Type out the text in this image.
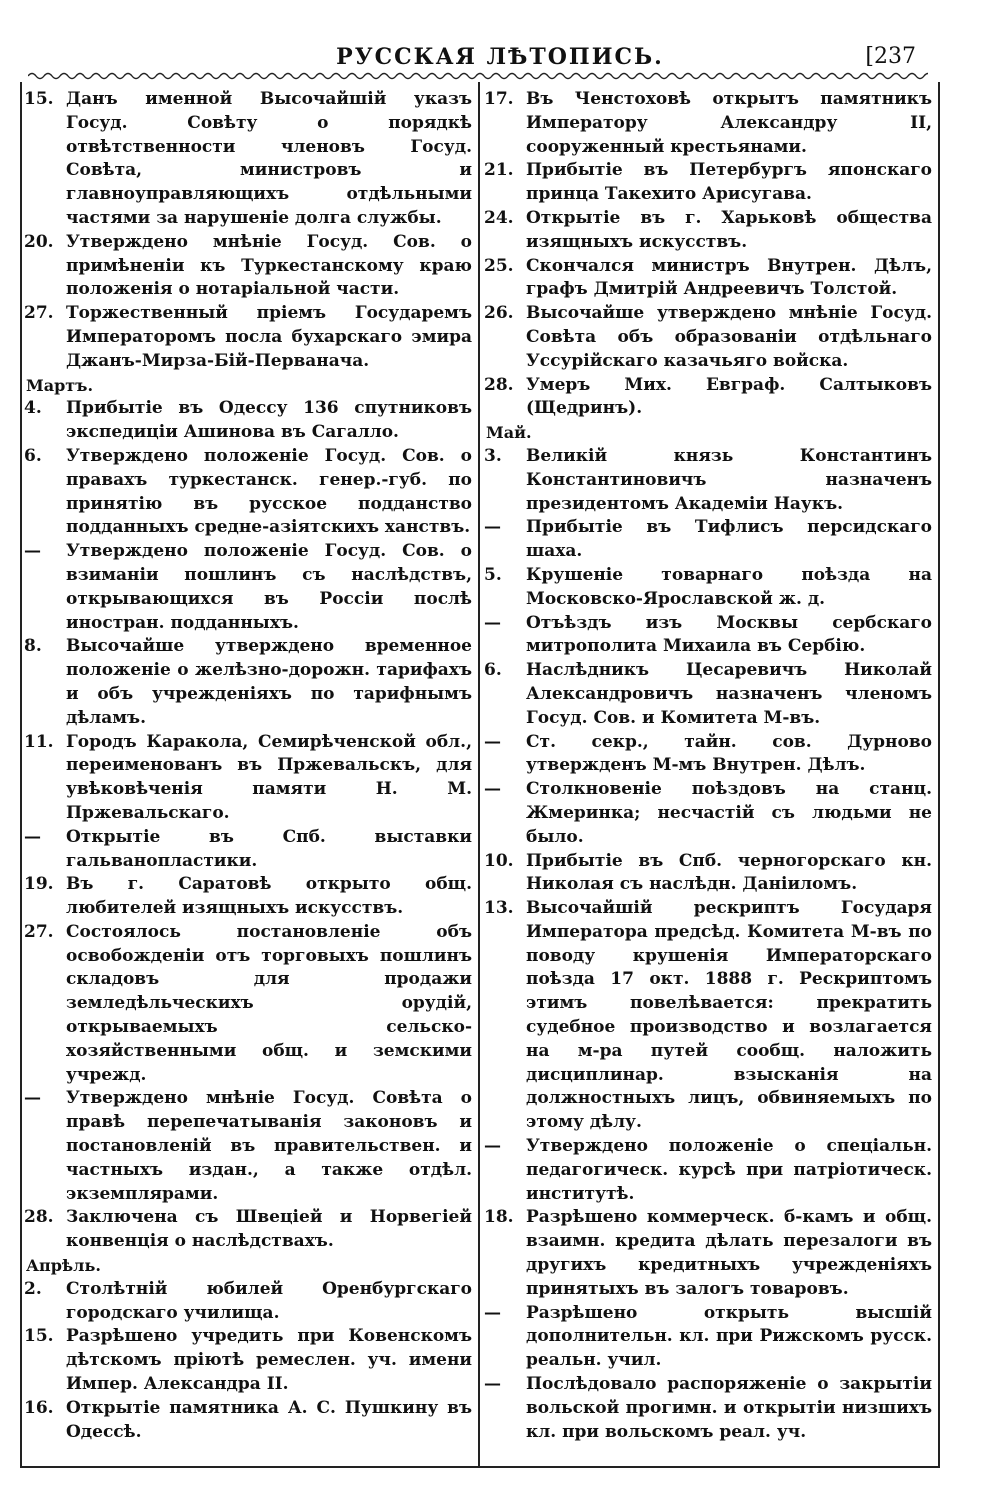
РУССКАЯ ЛѢТОПИСЬ.	[237
15. Данъ именной Высочайшій указъ Госуд. Совѣту о порядкѣ отвѣтственности членовъ Госуд. Совѣта, министровъ и главноуправляющихъ отдѣльными частями за нарушеніе долга службы.
20. Утверждено мнѣніе Госуд. Сов. о примѣненіи къ Туркестанскому краю положенія о нотаріальной части.
27. Торжественный пріемъ Государемъ Императоромъ посла бухарскаго эмира Джанъ-Мирза-Бій-Перванача.
Мартъ.
4.	Прибытіе въ Одессу 136 спутниковъ экспедиціи Ашинова въ Сагалло.
6.	Утверждено положеніе Госуд. Сов. о правахъ туркестанск. генер.-губ. по принятію въ русское подданство подданныхъ средне-азіятскихъ ханствъ.
—	Утверждено положеніе Госуд. Сов. о взиманіи пошлинъ съ наслѣдствъ, открывающихся въ Россіи послѣ иностран. подданныхъ.
8.	Высочайше утверждено временное положеніе о желѣзно-дорожн. тарифахъ и объ учрежденіяхъ по тарифнымъ дѣламъ.
11. Городъ Каракола, Семирѣченской обл., переименованъ въ Пржевальскъ, для увѣковѣченія памяти Н. М. Пржевальскаго.
—	Открытіе въ Спб. выставки гальванопластики.
19. Въ г. Саратовѣ открыто общ. любителей изящныхъ искусствъ.
27. Состоялось постановленіе объ освобожденіи отъ торговыхъ пошлинъ складовъ для продажи земледѣльческихъ орудій, открываемыхъ сельско-хозяйственными общ. и земскими учрежд.
—	Утверждено мнѣніе Госуд. Совѣта о правѣ перепечатыванія законовъ и постановленій въ правительствен. и частныхъ издан., а также отдѣл. экземплярами.
28. Заключена съ Швеціей и Норвегіей конвенція о наслѣдствахъ.
Апрѣль.
2.	Столѣтній юбилей Оренбургскаго городскаго училища.
15. Разрѣшено учредить при Ковенскомъ дѣтскомъ пріютѣ ремеслен. уч. имени Импер. Александра II.
16. Открытіе памятника А. С. Пушкину въ Одессѣ.
17. Въ Ченстоховѣ открытъ памятникъ Императору Александру II, сооруженный крестьянами.
21. Прибытіе въ Петербургъ японскаго принца Такехито Арисугава.
24. Открытіе въ г. Харьковѣ общества изящныхъ искусствъ.
25. Скончался министръ Внутрен. Дѣлъ, графъ Дмитрій Андреевичъ Толстой.
26. Высочайше утверждено мнѣніе Госуд. Совѣта объ образованіи отдѣльнаго Уссурійскаго казачьяго войска.
28. Умеръ Мих. Евграф. Салтыковъ (Щедринъ).
Май.
3.	Великій князь Константинъ Константиновичъ назначенъ президентомъ Академіи Наукъ.
—	Прибытіе въ Тифлисъ персидскаго шаха.
5.	Крушеніе товарнаго поѣзда на Московско-Ярославской ж. д.
—	Отъѣздъ изъ Москвы сербскаго митрополита Михаила въ Сербію.
6.	Наслѣдникъ Цесаревичъ Николай Александровичъ назначенъ членомъ Госуд. Сов. и Комитета М-въ.
—	Ст. секр., тайн. сов. Дурново утвержденъ М-мъ Внутрен. Дѣлъ.
—	Столкновеніе поѣздовъ на станц. Жмеринка; несчастій съ людьми не было.
10. Прибытіе въ Спб. черногорскаго кн. Николая съ наслѣдн. Даніиломъ.
13. Высочайшій рескриптъ Государя Императора предсѣд. Комитета М-въ по поводу крушенія Императорскаго поѣзда 17 окт. 1888 г. Рескриптомъ этимъ повелѣвается: прекратить судебное производство и возлагается на м-ра путей сообщ. наложить дисциплинар. взысканія на должностныхъ лицъ, обвиняемыхъ по этому дѣлу.
—	Утверждено положеніе о спеціальн. педагогическ. курсѣ при патріотическ. институтѣ.
18. Разрѣшено коммерческ. б-камъ и общ. взаимн. кредита дѣлать перезалоги въ другихъ кредитныхъ учрежденіяхъ принятыхъ въ залогъ товаровъ.
—	Разрѣшено открыть высшій дополнительн. кл. при Рижскомъ русск. реальн. учил.
—	Послѣдовало распоряженіе о закрытіи вольской прогимн. и открытіи низшихъ кл. при вольскомъ реал. уч.
